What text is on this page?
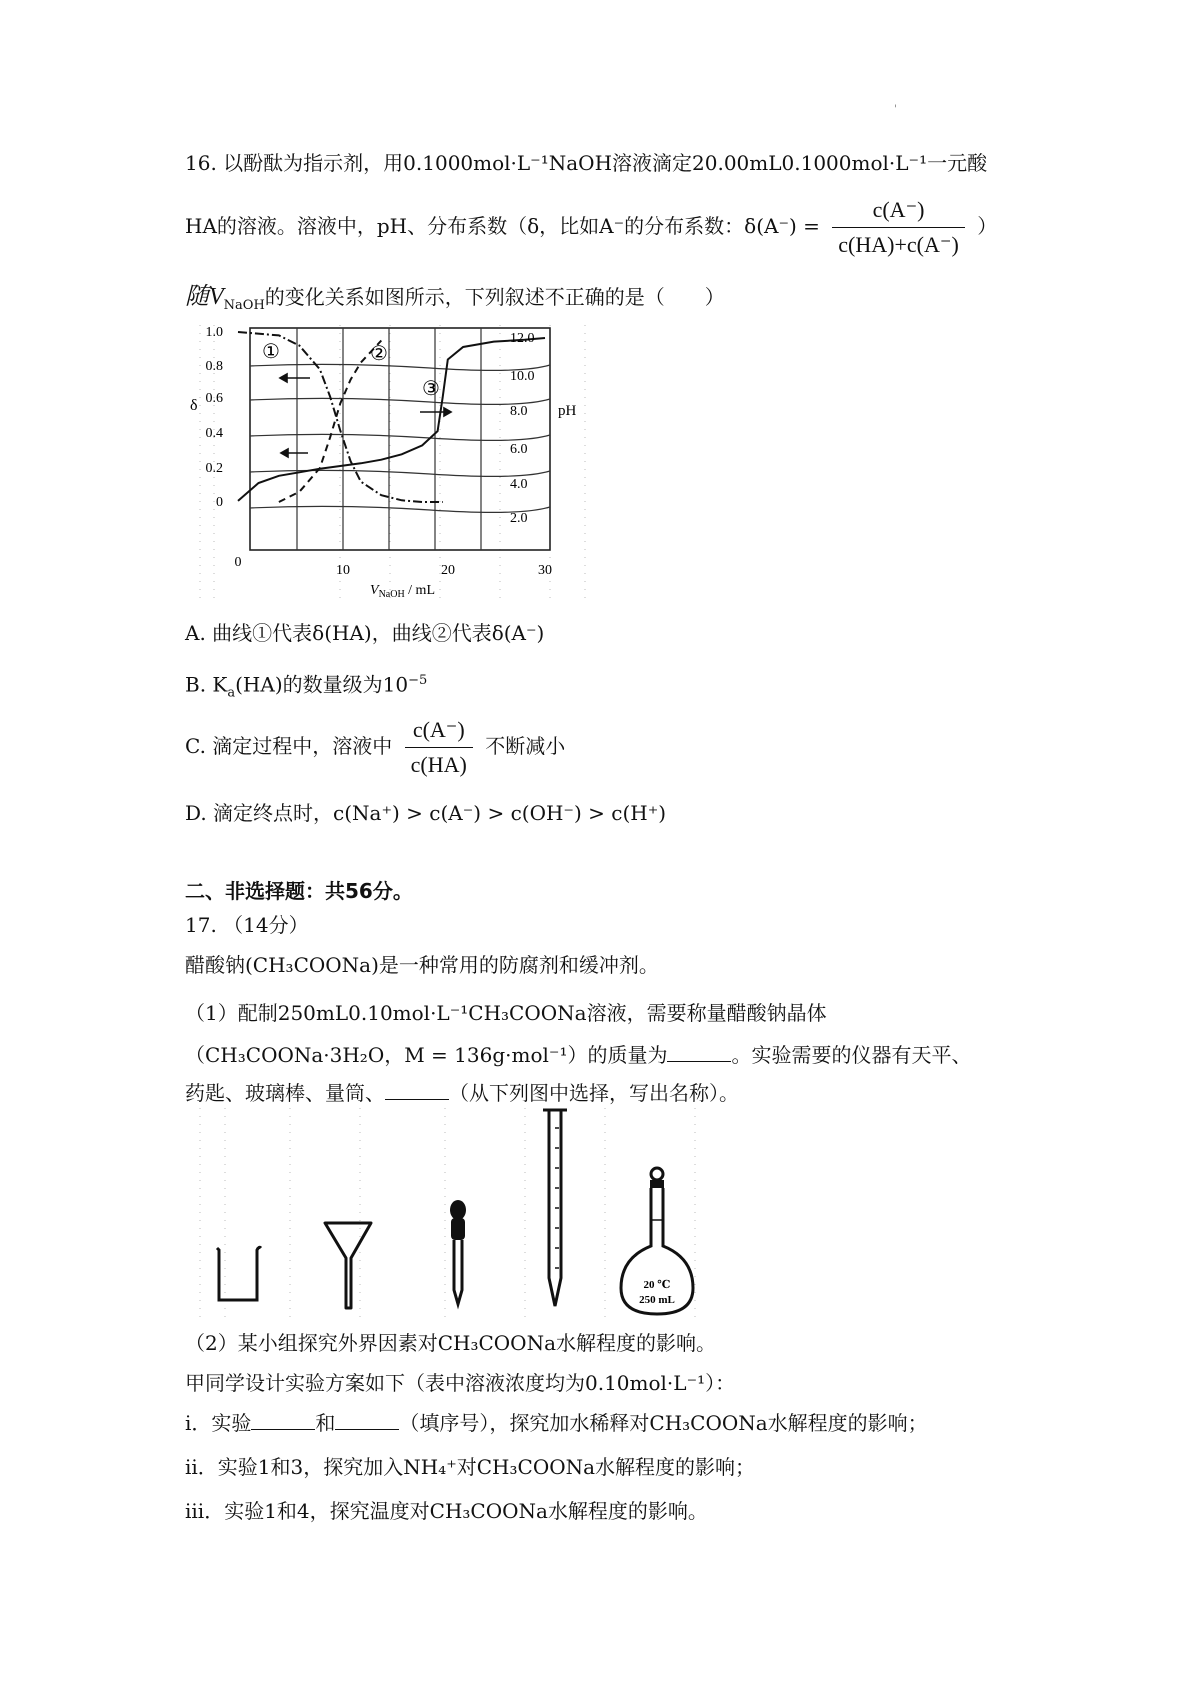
'
16. 以酚酞为指示剂，用0.1000mol·L⁻¹NaOH溶液滴定20.00mL0.1000mol·L⁻¹一元酸
HA的溶液。溶液中，pH、分布系数（δ，比如A⁻的分布系数：$\delta(A^-) = \frac{c(A^-)}{c(HA)+c(A^-)}$ ）
随$V_{NaOH}$的变化关系如图所示，下列叙述不正确的是（　　）
①	②
③
0
0.2
0.4
0.6
0.8
1.0
δ
2.0
4.0
6.0
8.0
10.0
12.0
pH
0
10	20	30
$V_{NaOH}$ / mL
A. 曲线①代表δ(HA)，曲线②代表δ(A⁻)
B. $K_a(HA)$的数量级为$10^{-5}$
C. 滴定过程中，溶液中 $\frac{c(A^-)}{c(HA)}$ 不断减小
D. 滴定终点时，c(Na⁺) > c(A⁻) > c(OH⁻) > c(H⁺)
二、非选择题：共56分。
17. （14分）
醋酸钠(CH₃COONa)是一种常用的防腐剂和缓冲剂。
（1）配制250mL0.10mol·L⁻¹CH₃COONa溶液，需要称量醋酸钠晶体
（CH₃COONa·3H₂O，M = 136g·mol⁻¹）的质量为	。实验需要的仪器有天平、
药匙、玻璃棒、量筒、	（从下列图中选择，写出名称）。
20 ℃
250 mL
（2）某小组探究外界因素对CH₃COONa水解程度的影响。
甲同学设计实验方案如下（表中溶液浓度均为0.10mol·L⁻¹）：
i．实验	和	（填序号），探究加水稀释对CH₃COONa水解程度的影响；
ii．实验1和3，探究加入NH₄⁺对CH₃COONa水解程度的影响；
iii．实验1和4，探究温度对CH₃COONa水解程度的影响。
